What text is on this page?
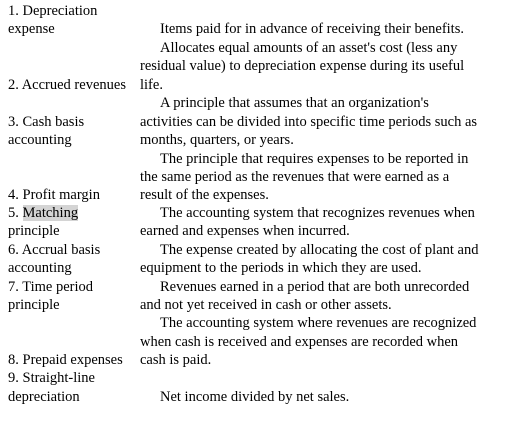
1. Depreciation
expense
2. Accrued revenues
3. Cash basis
accounting
4. Profit margin
5. Matching
principle
6. Accrual basis
accounting
7. Time period
principle
8. Prepaid expenses
9. Straight-line
depreciation
Items paid for in advance of receiving their benefits.
Allocates equal amounts of an asset's cost (less any
residual value) to depreciation expense during its useful
life.
A principle that assumes that an organization's
activities can be divided into specific time periods such as
months, quarters, or years.
The principle that requires expenses to be reported in
the same period as the revenues that were earned as a
result of the expenses.
The accounting system that recognizes revenues when
earned and expenses when incurred.
The expense created by allocating the cost of plant and
equipment to the periods in which they are used.
Revenues earned in a period that are both unrecorded
and not yet received in cash or other assets.
The accounting system where revenues are recognized
when cash is received and expenses are recorded when
cash is paid.
Net income divided by net sales.
